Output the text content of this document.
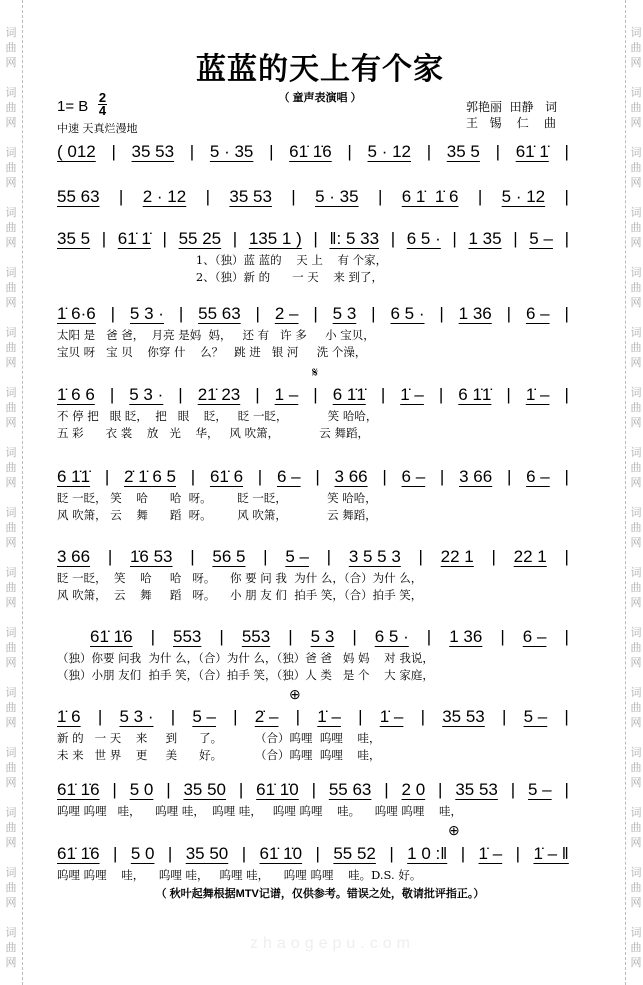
词
曲
网
词
曲
网
词
曲
网
词
曲
网
词
曲
网
词
曲
网
词
曲
网
词
曲
网
词
曲
网
词
曲
网
词
曲
网
词
曲
网
词
曲
网
词
曲
网
词
曲
网
词
曲
网
词
曲
网
词
曲
网
词
曲
网
词
曲
网
词
曲
网
词
曲
网
词
曲
网
词
曲
网
词
曲
网
词
曲
网
词
曲
网
词
曲
网
词
曲
网
词
曲
网
词
曲
网
词
曲
网
zhaogepu.com
蓝蓝的天上有个家
（ 童声表演唱 ）
1= B
2
4
中速 天真烂漫地
郭艳丽  田静   词
王   锡    仁    曲
( 012 | 35 53 | 5 · 35 | 61̇ 1̇6 | 5 · 12 | 35 5 | 61̇ 1̇ |
55 63 | 2 · 12 | 35 53 | 5 · 35 | 6 1̇  1̇ 6 | 5 · 12 |
35 5 | 61̇ 1̇ | 55 25 | 135 1 ) | ‖: 5 33 | 6 5 · | 1 35 | 5 – |
1、（独）蓝 蓝的    天 上    有 个家，
2、（独）新 的      一 天    来 到了，
1̇ 6·6 | 5 3 · | 55 63 | 2 – | 5 3 | 6 5 · | 1 36 | 6 – |
太阳 是   爸 爸，  月亮 是妈  妈，   还 有   许 多     小 宝贝，
宝贝 呀   宝 贝    你穿 什    么？   跳 进   银 河     洗 个澡，
1̇ 6 6 | 5 3 · | 21̇ 23 | 1 – | 6 1̇1̇ | 1̇ – | 6 1̇1̇ | 1̇ – |
不 停 把   眼 眨，  把   眼    眨，   眨 一眨，           笑 哈哈，
五 彩      衣 裳    放   光    华，   风 吹箫，           云 舞蹈，
6 1̇1̇ | 2̇ 1̇ 6 5 | 61̇ 6 | 6 – | 3 66 | 6 – | 3 66 | 6 – |
眨 一眨， 笑    哈      哈  呀。       眨 一眨，           笑 哈哈，
风 吹箫， 云    舞      蹈  呀。       风 吹箫，           云 舞蹈，
3 66 | 1̇6 53 | 56 5 | 5 – | 3 5 5 3 | 22 1 | 22 1 |
眨 一眨，  笑    哈     哈   呀。    你 要 问 我  为什 么，（合）为什 么，
风 吹箫，  云    舞     蹈   呀。    小 朋 友 们  拍手 笑，（合）拍手 笑，
61̇ 1̇6 | 553 | 553 | 5 3 | 6 5 · | 1 36 | 6 – |
（独）你要 问我  为什 么，（合）为什 么，（独）爸 爸   妈 妈    对 我说，
（独）小朋 友们  拍手 笑，（合）拍手 笑，（独）人 类   是 个    大 家庭，
1̇ 6 | 5 3 · | 5 – | 2̇ – | 1̇ – | 1̇ – | 35 53 | 5 – |
新 的   一 天    来     到      了。         （合）呜哩  呜哩    哇，
未 来   世 界    更     美      好。         （合）呜哩  呜哩    哇，
61̇ 1̇6 | 5 0 | 35 50 | 61̇ 1̇0 | 55 63 | 2 0 | 35 53 | 5 – |
呜哩 呜哩   哇，    呜哩 哇，  呜哩 哇，   呜哩 呜哩    哇。    呜哩 呜哩    哇，
61̇ 1̇6 | 5 0 | 35 50 | 61̇ 1̇0 | 55 52 | 1 0 :‖ | 1̇ – | 1̇ – ‖
呜哩 呜哩    哇，    呜哩 哇，   呜哩 哇，    呜哩 呜哩    哇。D.S. 好。
𝄋
⊕
⊕
（ 秋叶起舞根据MTV记谱，仅供参考。错误之处，敬请批评指正。）
